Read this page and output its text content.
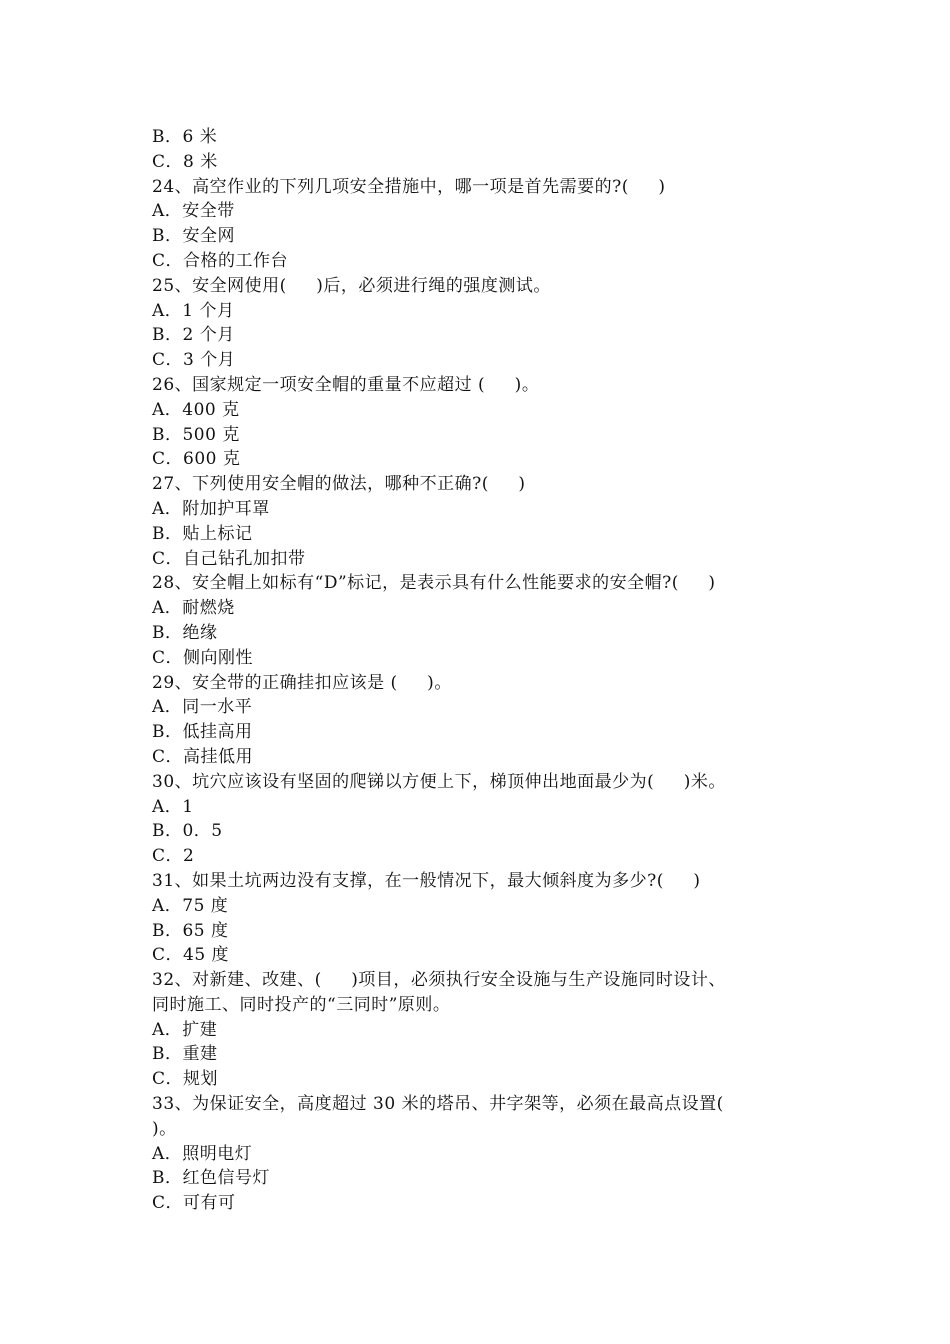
B．6 米
C．8 米
24、高空作业的下列几项安全措施中，哪一项是首先需要的?(     )
A．安全带
B．安全网
C．合格的工作台
25、安全网使用(     )后，必须进行绳的强度测试。
A．1 个月
B．2 个月
C．3 个月
26、国家规定一项安全帽的重量不应超过 (     )。
A．400 克
B．500 克
C．600 克
27、下列使用安全帽的做法，哪种不正确?(     )
A．附加护耳罩
B．贴上标记
C．自己钻孔加扣带
28、安全帽上如标有“D”标记，是表示具有什么性能要求的安全帽?(     )
A．耐燃烧
B．绝缘
C．侧向刚性
29、安全带的正确挂扣应该是 (     )。
A．同一水平
B．低挂高用
C．高挂低用
30、坑穴应该设有坚固的爬锑以方便上下，梯顶伸出地面最少为(     )米。
A．1
B．0．5
C．2
31、如果土坑两边没有支撑，在一般情况下，最大倾斜度为多少?(     )
A．75 度
B．65 度
C．45 度
32、对新建、改建、(     )项目，必须执行安全设施与生产设施同时设计、
同时施工、同时投产的“三同时”原则。
A．扩建
B．重建
C．规划
33、为保证安全，高度超过 30 米的塔吊、井字架等，必须在最高点设置(
)。
A．照明电灯
B．红色信号灯
C．可有可
